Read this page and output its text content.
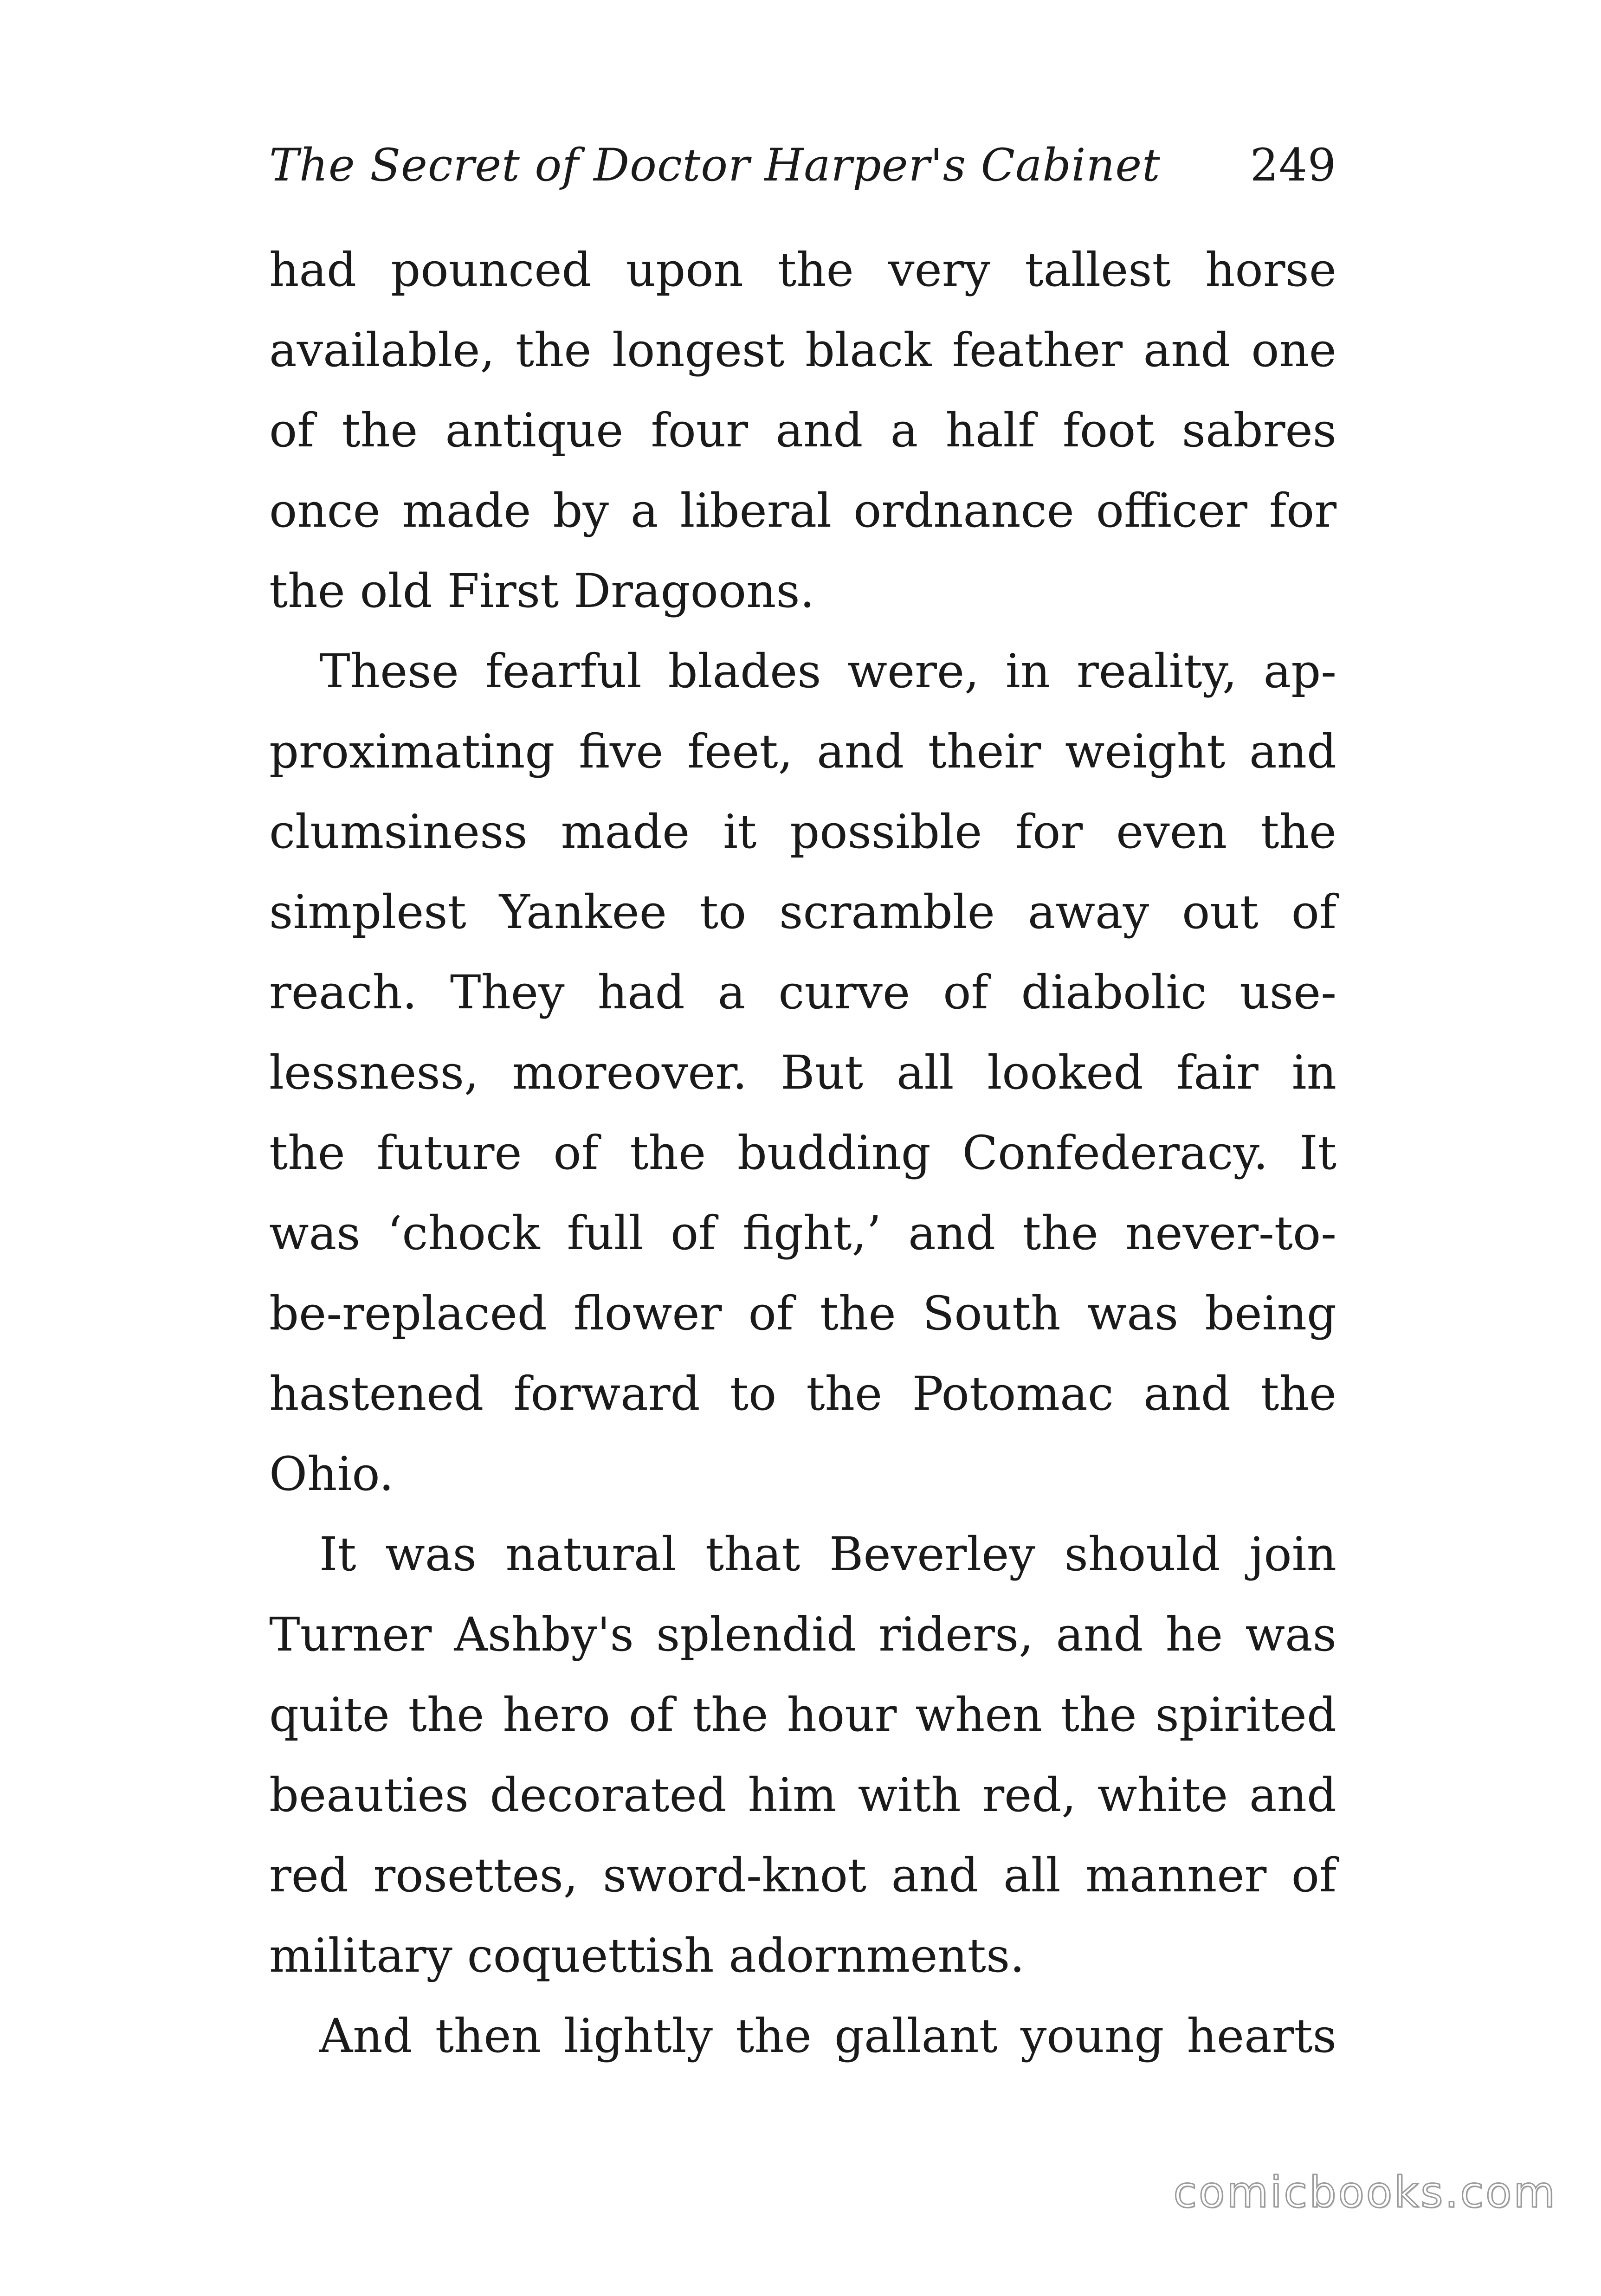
The Secret of Doctor Harper's Cabinet 249
had pounced upon the very tallest horse
available, the longest black feather and one
of the antique four and a half foot sabres
once made by a liberal ordnance officer for
the old First Dragoons.
These fearful blades were, in reality, ap-
proximating five feet, and their weight and
clumsiness made it possible for even the
simplest Yankee to scramble away out of
reach. They had a curve of diabolic use-
lessness, moreover. But all looked fair in
the future of the budding Confederacy. It
was ‘chock full of fight,’ and the never-to-
be-replaced flower of the South was being
hastened forward to the Potomac and the
Ohio.
It was natural that Beverley should join
Turner Ashby's splendid riders, and he was
quite the hero of the hour when the spirited
beauties decorated him with red, white and
red rosettes, sword-knot and all manner of
military coquettish adornments.
And then lightly the gallant young hearts
comicbooks.com
